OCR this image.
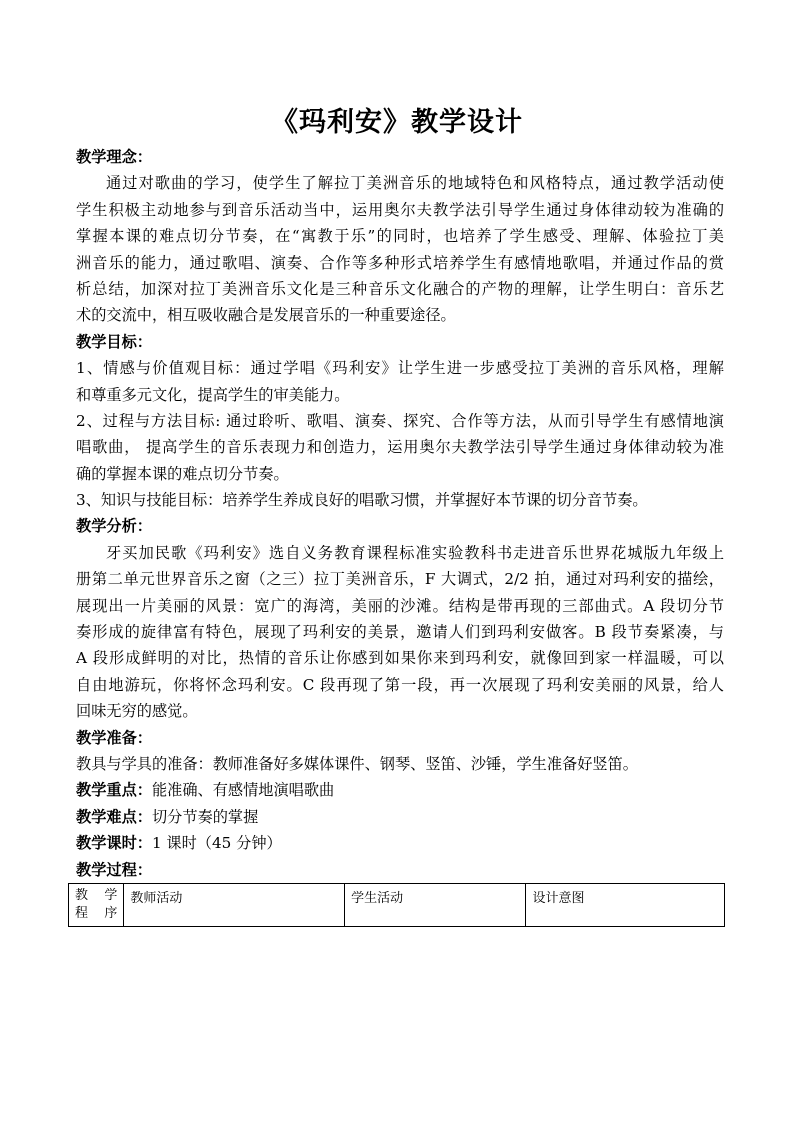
《玛利安》教学设计
教学理念：
通过对歌曲的学习，使学生了解拉丁美洲音乐的地域特色和风格特点，通过教学活动使
学生积极主动地参与到音乐活动当中，运用奥尔夫教学法引导学生通过身体律动较为准确的
掌握本课的难点切分节奏，在“寓教于乐”的同时，也培养了学生感受、理解、体验拉丁美
洲音乐的能力，通过歌唱、演奏、合作等多种形式培养学生有感情地歌唱，并通过作品的赏
析总结，加深对拉丁美洲音乐文化是三种音乐文化融合的产物的理解，让学生明白：音乐艺
术的交流中，相互吸收融合是发展音乐的一种重要途径。
教学目标：
1、情感与价值观目标：通过学唱《玛利安》让学生进一步感受拉丁美洲的音乐风格，理解
和尊重多元文化，提高学生的审美能力。
2、过程与方法目标: 通过聆听、歌唱、演奏、探究、合作等方法，从而引导学生有感情地演
唱歌曲， 提高学生的音乐表现力和创造力，运用奥尔夫教学法引导学生通过身体律动较为准
确的掌握本课的难点切分节奏。
3、知识与技能目标：培养学生养成良好的唱歌习惯，并掌握好本节课的切分音节奏。
教学分析：
牙买加民歌《玛利安》选自义务教育课程标准实验教科书走进音乐世界花城版九年级上
册第二单元世界音乐之窗（之三）拉丁美洲音乐，F 大调式，2/2 拍，通过对玛利安的描绘，
展现出一片美丽的风景：宽广的海湾，美丽的沙滩。结构是带再现的三部曲式。A 段切分节
奏形成的旋律富有特色，展现了玛利安的美景，邀请人们到玛利安做客。B 段节奏紧凑，与
A 段形成鲜明的对比，热情的音乐让你感到如果你来到玛利安，就像回到家一样温暖，可以
自由地游玩，你将怀念玛利安。C 段再现了第一段，再一次展现了玛利安美丽的风景，给人
回味无穷的感觉。
教学准备：
教具与学具的准备：教师准备好多媒体课件、钢琴、竖笛、沙锤，学生准备好竖笛。
教学重点：能准确、有感情地演唱歌曲
教学难点：切分节奏的掌握
教学课时：1 课时（45 分钟）
教学过程：
教　学
程　序
	教师活动	学生活动	设计意图
